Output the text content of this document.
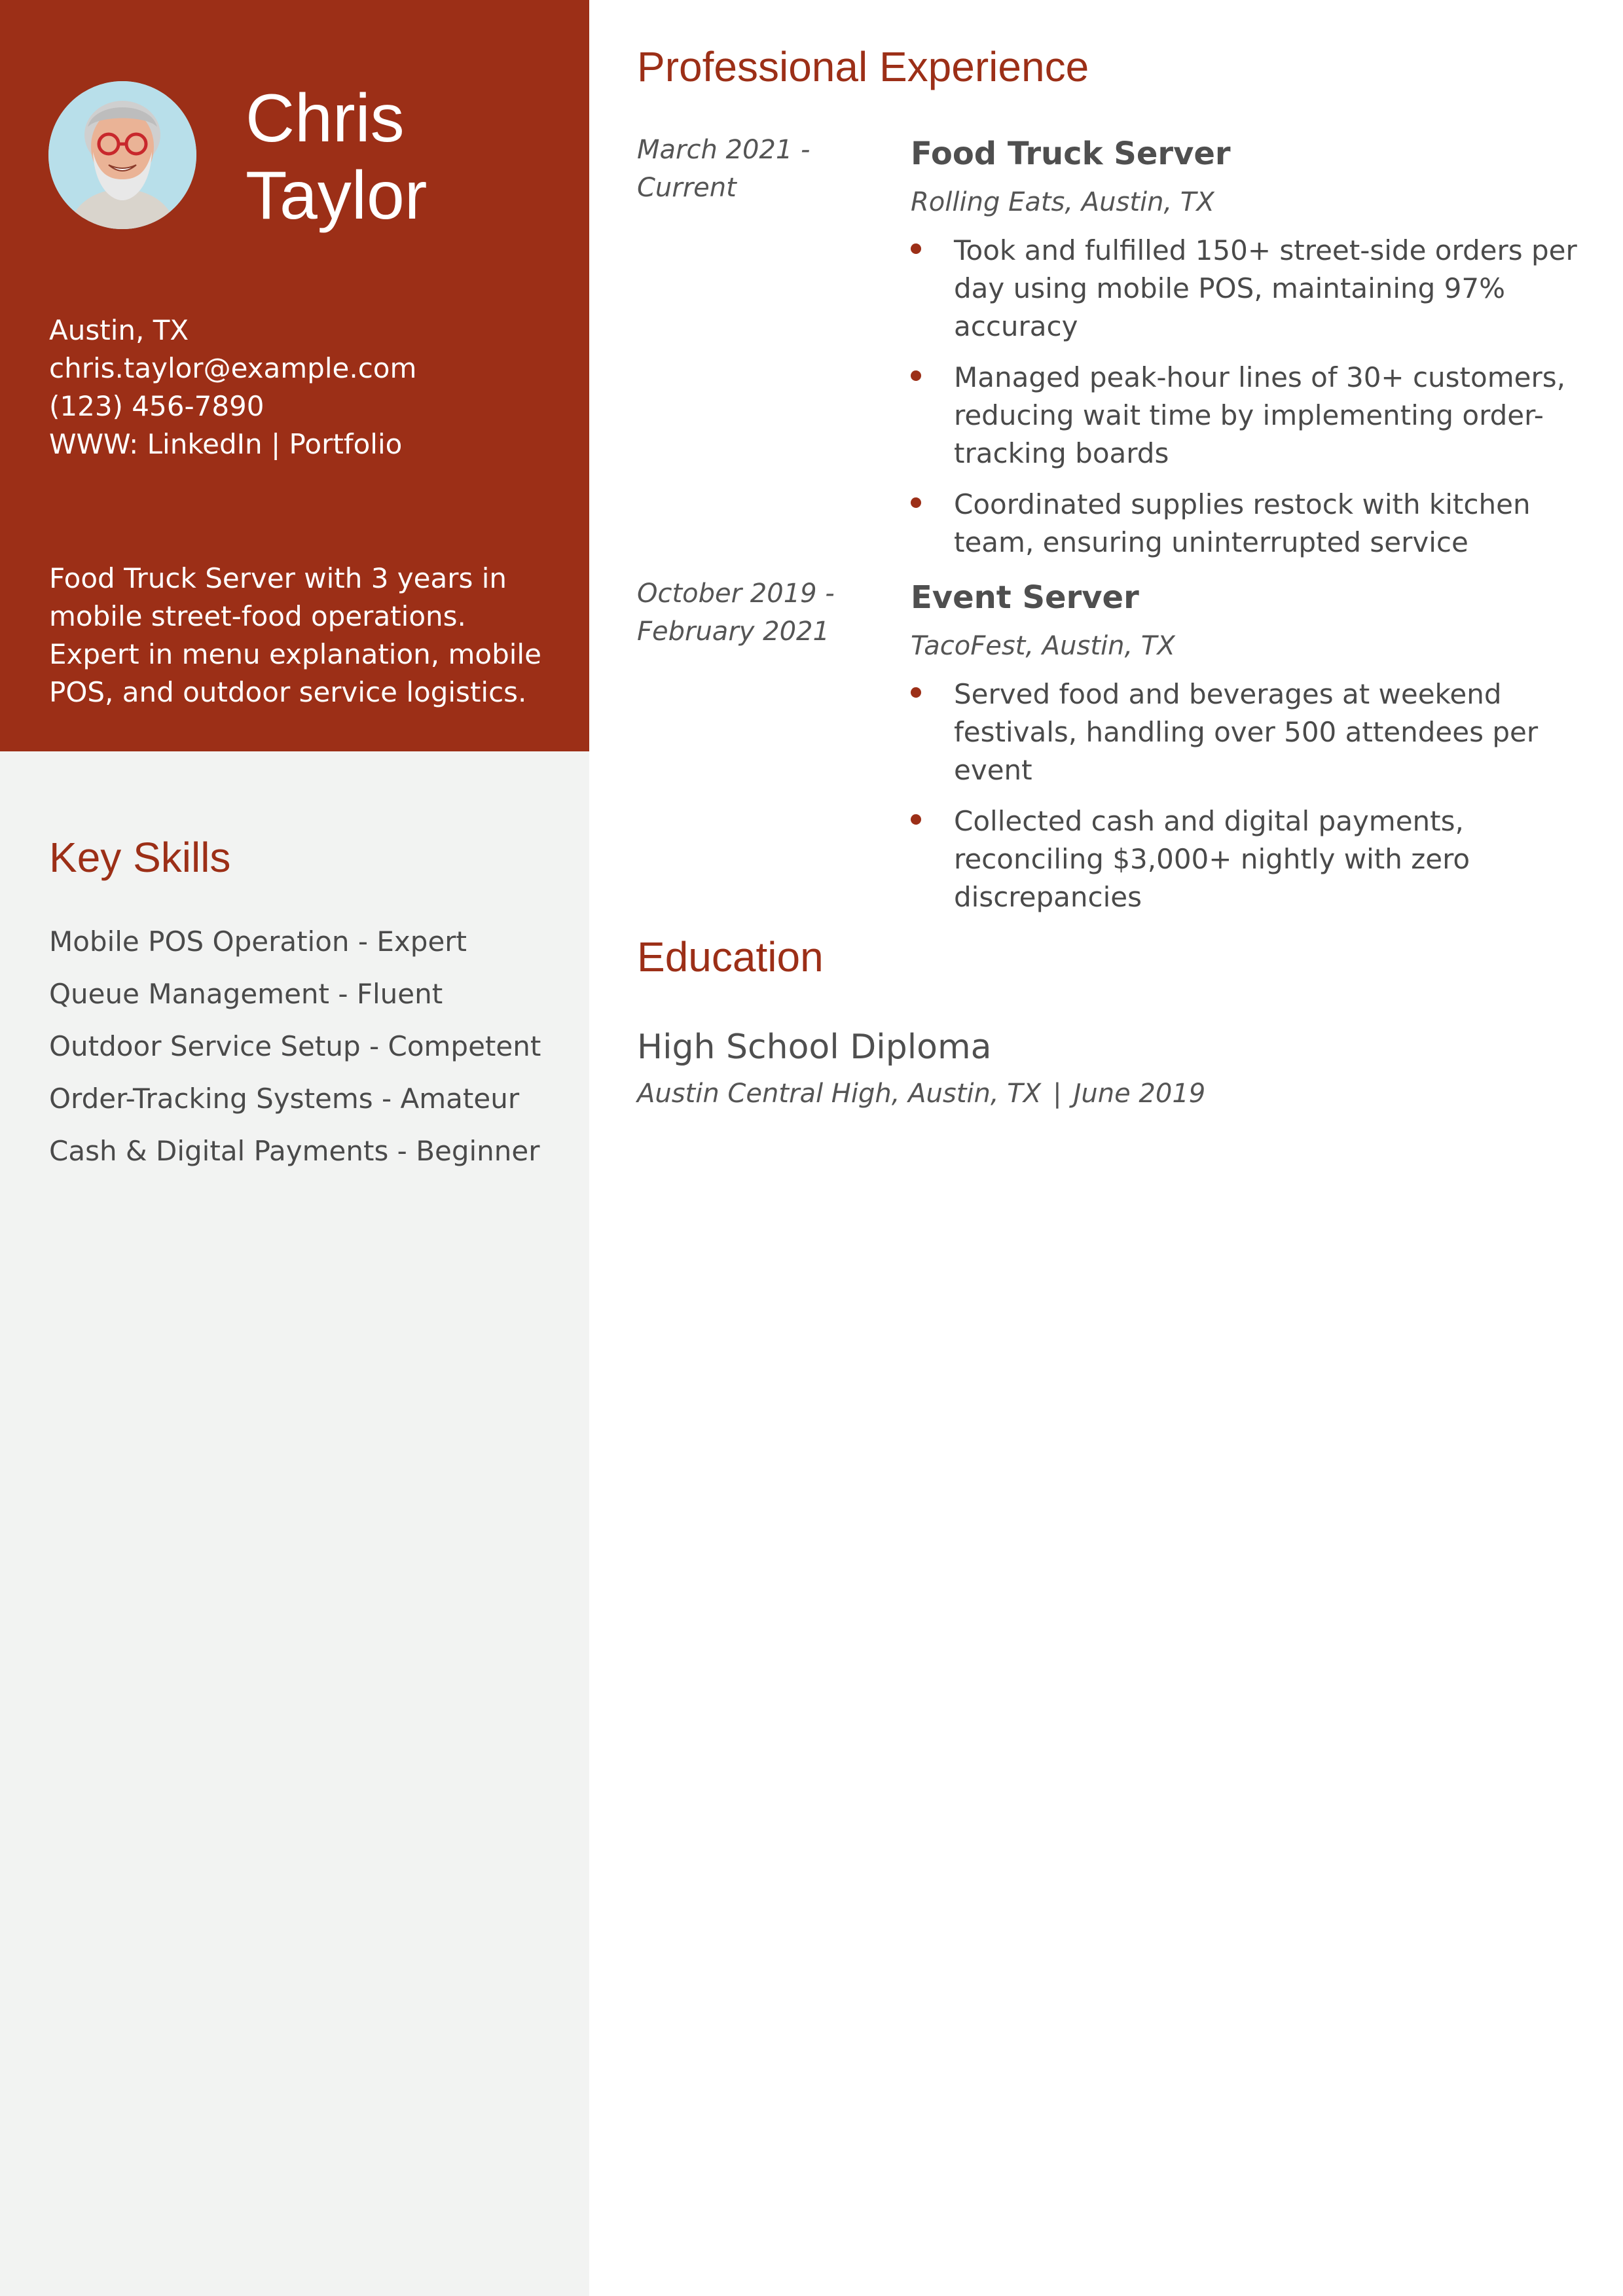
Chris
Taylor
Austin, TX
chris.taylor@example.com
(123) 456-7890
WWW: LinkedIn | Portfolio

Food Truck Server with 3 years in mobile street-food operations. Expert in menu explanation, mobile POS, and outdoor service logistics.

Key Skills
Mobile POS Operation - Expert
Queue Management - Fluent
Outdoor Service Setup - Competent
Order-Tracking Systems - Amateur
Cash & Digital Payments - Beginner
Professional Experience
March 2021 -
Current
Food Truck Server
Rolling Eats, Austin, TX
Took and fulfilled 150+ street-side orders per day using mobile POS, maintaining 97% accuracy
Managed peak-hour lines of 30+ customers, reducing wait time by implementing order-tracking boards
Coordinated supplies restock with kitchen team, ensuring uninterrupted service
October 2019 -
February 2021
Event Server
TacoFest, Austin, TX
Served food and beverages at weekend festivals, handling over 500 attendees per event
Collected cash and digital payments, reconciling $3,000+ nightly with zero discrepancies
Education
High School Diploma
Austin Central High, Austin, TX | June 2019
